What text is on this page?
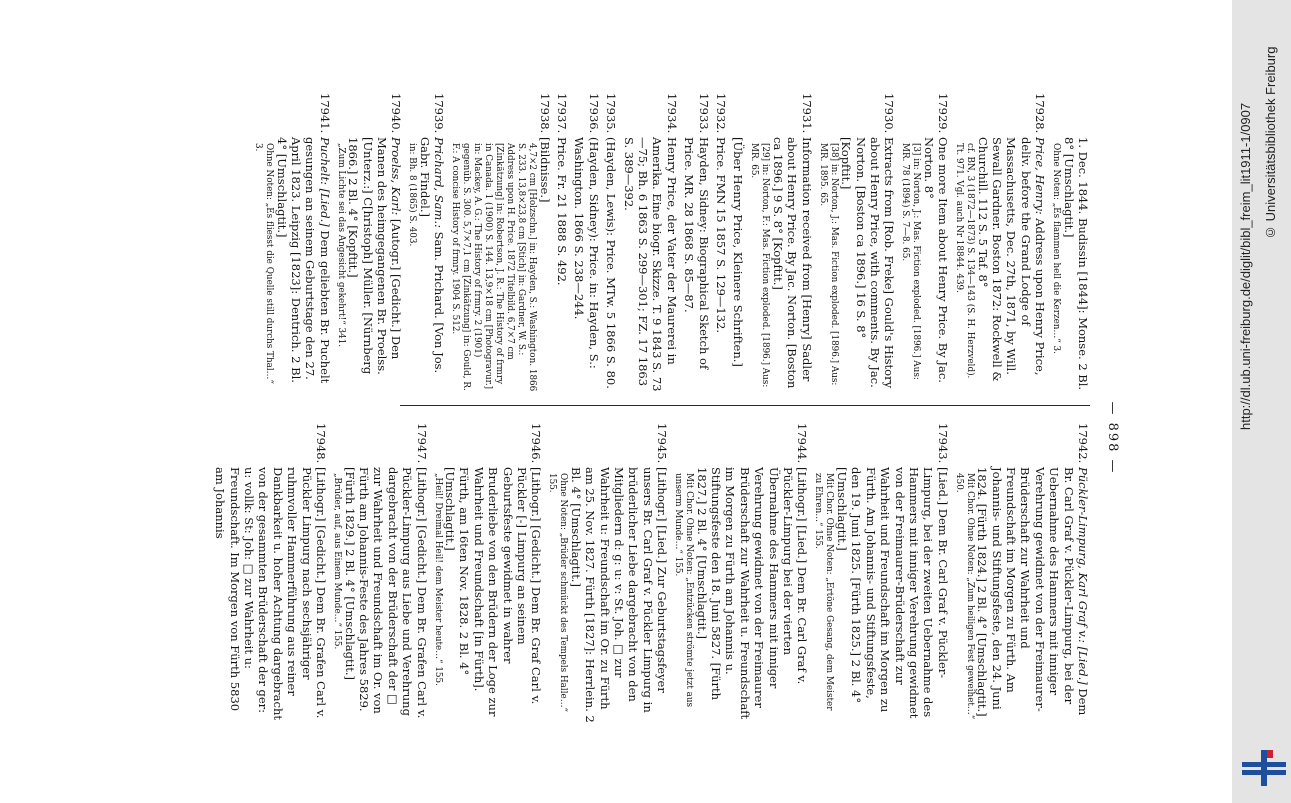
— 898 —
1. Dec. 1844. Budissin [1844]: Monse. 2 Bl. 8° [Umschlagtit.]
Ohne Noten: „Es flammen hell die Kerzen…“ 3.
17928.
Price, Henry: Address upon Henry Price, deliv. before the Grand Lodge of Massachusetts, Dec. 27th, 1871, by Will. Sewall Gardner. Boston 1872: Rockwell & Churchill. 112 S. 5 Taf. 8°
cf. BN, 3 (1872—1873) S. 134—143 (S. H. Herzveld). Tt. 971. Vgl. auch Nr 18844. 439.
17929.
One more Item about Henry Price. By Jac. Norton. 8°
[3] in: Norton, J.: Mas. Fiction exploded. [1896.] Aus: MR. 78 (1894) S. 7—8. 65.
17930.
Extracts from [Rob. Freke] Gould's History about Henry Price, with comments. By Jac. Norton. [Boston ca 1896.] 16 S. 8° [Kopftit.]
[38] in: Norton, J.: Mas. Fiction exploded. [1896.] Aus: MR. 1895. 65.
17931.
Information received from [Henry] Sadler about Henry Price. By Jac. Norton. [Boston ca 1896.] 9 S. 8° [Kopftit.]
[29] in: Norton, F.: Mas. Fiction exploded. [1896.] Aus: MR. 65.
[Über Henry Price, Kleinere Schriften.]
17932.
Price. FMN 15 1857 S. 129—132.
17933.
Hayden, Sidney: Biographical Sketch of Price. MR. 28 1868 S. 85—87.
17934.
Henry Price, der Vater der Maurerei in Amerika. Eine biogr. Skizze. T. 9 1843 S. 73—75; Bh. 6 1863 S. 299—301; FZ. 17 1863 S. 389—392.
17935.
(Hayden, Lewis): Price. MTw. 5 1866 S. 80.
17936.
(Hayden, Sidney): Price. in: Hayden, S.: Washington. 1866 S. 238—244.
17937.
Price. Fr. 21 1888 S. 492.
17938.
[Bildnisse.]
4,7×2 cm [Holzschn.] in: Hayden, S.: Washington. 1866 S. 233. 13,8×23,8 cm [Stich] in: Gardner, W. S.: Address upon H. Price. 1872 Titelbild. 6,7×7 cm [Zinkätzung] in: Robertson, J. R.: The History of frmry in Canada. 1 (1900) S. 144. 13,9×18 cm [Photogravur.] in: Mackey, A. G.: The History of frmry. 2 (1901) gegenüb. S. 300. 5,7×7,1 cm [Zinkätzung] in: Gould, R. F.: A concise History of frmry. 1904 S. 512.
17939.
Prichard, Sam.: Sam. Prichard. [Von Jos. Gabr. Findel.]
in: Bh. 8 (1865) S. 403.
17940.
Proelss, Karl: [Autogr.] [Gedicht.] Den Manen des heimgegangenen Br. Proelss. [Unterz.:] C[hristoph] Müller. [Nürnberg 1866.] 2 Bl. 4° [Kopftit.]
„Zum Lichte sei das Angesicht gekehrt!“ 341.
17941.
Puchelt: [Lied.] Dem geliebten Br. Puchelt gesungen an seinem Geburtstage den 27. April 1823. Leipzig [1823]: Dentrich. 2 Bl. 4° [Umschlagtit.]
Ohne Noten: „Es fliesst die Quelle still durchs Thal…“ 3.
17942.
Pückler-Limpurg, Karl Graf v.: [Lied.] Dem Br. Carl Graf v. Pückler-Limpurg, bei der Uebernahme des Hammers mit inniger Verehrung gewidmet von der Freimaurer-Brüderschaft zur Wahrheit und Freundschaft im Morgen zu Fürth. Am Johannis- und Stiftungsfeste, den 24. Juni 1824. [Fürth 1824.] 2 Bl. 4° [Umschlagtit.]
Mit Chor. Ohne Noten: „Zum heiligen Fest geweihet…“ 450.
17943.
[Lied.] Dem Br. Carl Graf v. Pückler-Limpurg, bei der zweiten Uebernahme des Hammers mit inniger Verehrung gewidmet von der Freimaurer-Brüderschaft zur Wahrheit und Freundschaft im Morgen zu Fürth. Am Johannis- und Stiftungsfeste, den 19. Juni 1825. [Fürth 1825.] 2 Bl. 4° [Umschlagtit.]
Mit Chor. Ohne Noten: „Ertöne Gesang, dem Meister zu Ehren…“ 155.
17944.
[Lithogr.] [Lied.] Dem Br. Carl Graf v. Pückler-Limpurg bei der vierten Übernahme des Hammers mit inniger Verehrung gewidmet von der Freimaurer Brüderschaft zur Wahrheit u. Freundschaft im Morgen zu Fürth am Johannis u. Stiftungsfeste den 18. Juni 5827. [Fürth 1827.] 2 Bl. 4° [Umschlagtit.]
Mit Chor. Ohne Noten: „Entzücken strömte jetzt aus unserm Munde…“ 155.
17945.
[Lithogr.] [Lied.] Zur Geburtstagsfeyer unsers Br. Carl Graf v. Pückler Limpurg in brüderlicher Liebe dargebracht von den Mitgliedern d: g: u: v: St. Joh. □ zur Wahrheit u: Freundschaft im Or. zu Fürth am 25. Nov. 1827. Fürth [1827]: Herrlein. 2 Bl. 4° [Umschlagtit.]
Ohne Noten: „Brüder schmückt des Tempels Halle…“ 155.
17946.
[Lithogr.] [Gedicht.] Dem Br. Graf Carl v. Pückler [-] Limpurg an seinem Geburtsfeste gewidmet in wahrer Bruderliebe von den Brüdern der Loge zur Wahrheit und Freundschaft [in Fürth]. Fürth, am 16ten Nov. 1828. 2 Bl. 4° [Umschlagtit.]
„Heil! Dreimal Heil! dem Meister heute…“ 155.
17947.
[Lithogr.] [Gedicht.] Dem Br. Grafen Carl v. Pückler-Limpurg aus Liebe und Verehrung dargebracht von der Brüderschaft der □ zur Wahrheit und Freundschaft im Or. von Fürth am Johannis-Feste des Jahres 5829. [Fürth 1829.] 2 Bl. 4° [Umschlagtit.]
„Brüder, auf, aus Einem Munde…“ 155.
17948.
[Lithogr.] [Gedicht.] Dem Br. Grafen Carl v. Pückler Limpurg nach sechsjähriger ruhmvoller Hammerführung aus reiner Dankbarkeit u. hoher Achtung dargebracht von der gesammten Brüderschaft der ger: u: vollk: St: Joh: □ zur Wahrheit u: Freundschaft. Im Morgen von Fürth 5830 am Johannis
http://dl.ub.uni-freiburg.de/diglit/bibl_freim_lit1911-1/0907 © Universitätsbibliothek Freiburg
